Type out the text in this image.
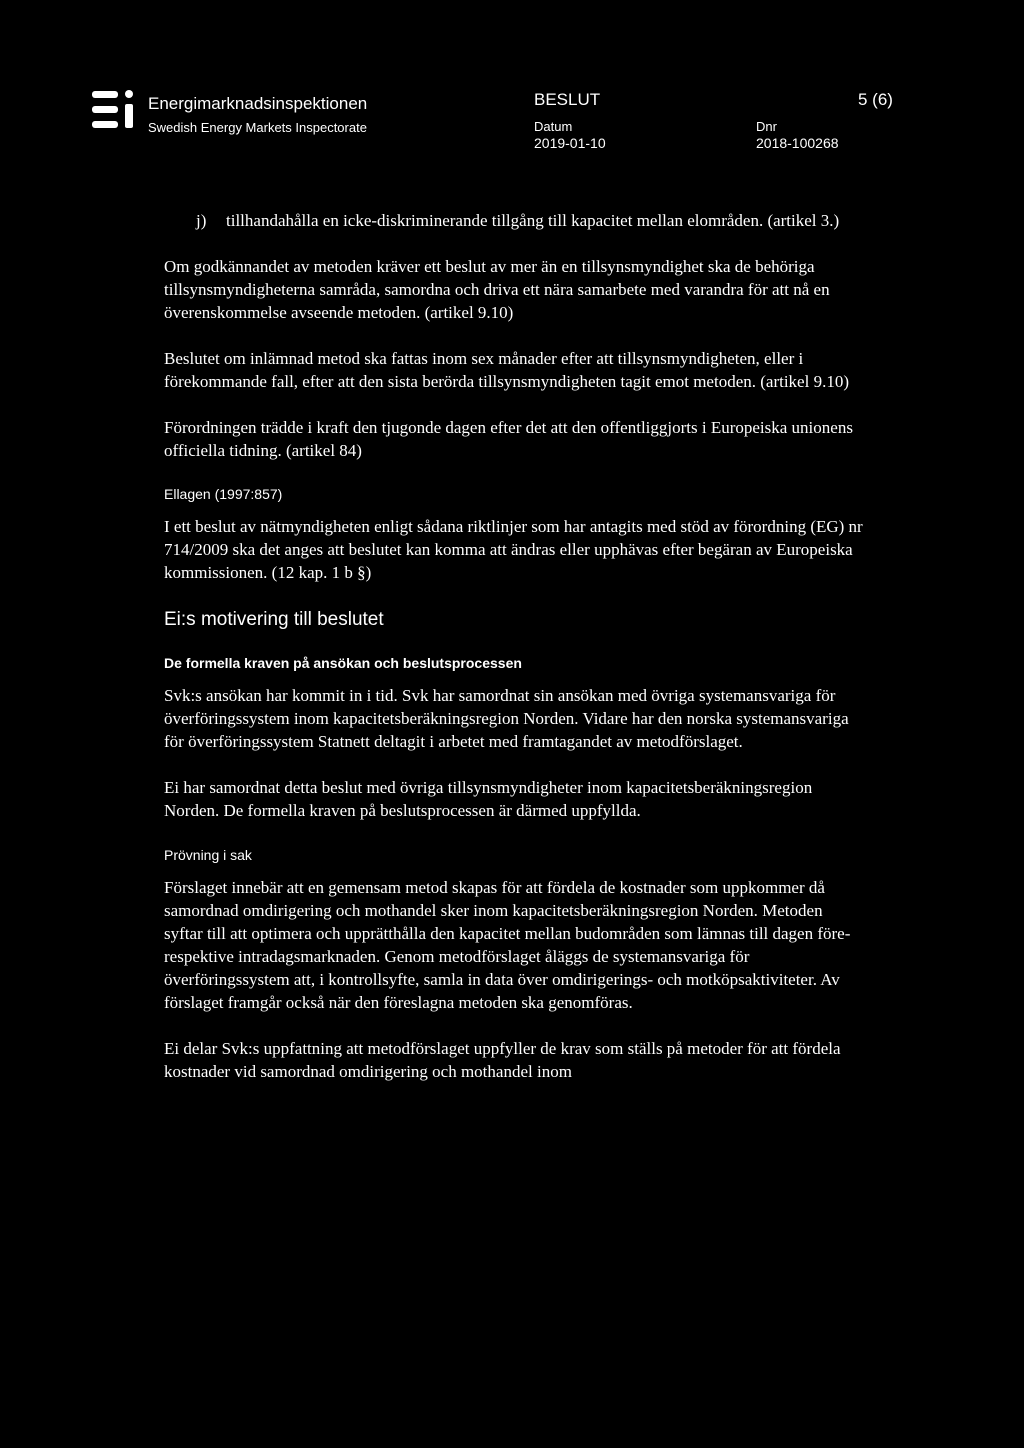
Energimarknadsinspektionen
Swedish Energy Markets Inspectorate
BESLUT	5 (6)
Datum
2019-01-10
Dnr
2018-100268

j) tillhandahålla en icke-diskriminerande tillgång till kapacitet mellan elområden. (artikel 3.)

Om godkännandet av metoden kräver ett beslut av mer än en tillsynsmyndighet ska de behöriga tillsynsmyndigheterna samråda, samordna och driva ett nära samarbete med varandra för att nå en överenskommelse avseende metoden. (artikel 9.10)

Beslutet om inlämnad metod ska fattas inom sex månader efter att tillsynsmyndigheten, eller i förekommande fall, efter att den sista berörda tillsynsmyndigheten tagit emot metoden. (artikel 9.10)

Förordningen trädde i kraft den tjugonde dagen efter det att den offentliggjorts i Europeiska unionens officiella tidning. (artikel 84)

Ellagen (1997:857)

I ett beslut av nätmyndigheten enligt sådana riktlinjer som har antagits med stöd av förordning (EG) nr 714/2009 ska det anges att beslutet kan komma att ändras eller upphävas efter begäran av Europeiska kommissionen. (12 kap. 1 b §)

Ei:s motivering till beslutet
De formella kraven på ansökan och beslutsprocessen

Svk:s ansökan har kommit in i tid. Svk har samordnat sin ansökan med övriga systemansvariga för överföringssystem inom kapacitetsberäkningsregion Norden. Vidare har den norska systemansvariga för överföringssystem Statnett deltagit i arbetet med framtagandet av metodförslaget.

Ei har samordnat detta beslut med övriga tillsynsmyndigheter inom kapacitetsberäkningsregion Norden. De formella kraven på beslutsprocessen är därmed uppfyllda.

Prövning i sak

Förslaget innebär att en gemensam metod skapas för att fördela de kostnader som uppkommer då samordnad omdirigering och mothandel sker inom kapacitetsberäkningsregion Norden. Metoden syftar till att optimera och upprätthålla den kapacitet mellan budområden som lämnas till dagen före- respektive intradagsmarknaden. Genom metodförslaget åläggs de systemansvariga för överföringssystem att, i kontrollsyfte, samla in data över omdirigerings- och motköpsaktiviteter. Av förslaget framgår också när den föreslagna metoden ska genomföras.

Ei delar Svk:s uppfattning att metodförslaget uppfyller de krav som ställs på metoder för att fördela kostnader vid samordnad omdirigering och mothandel inom
